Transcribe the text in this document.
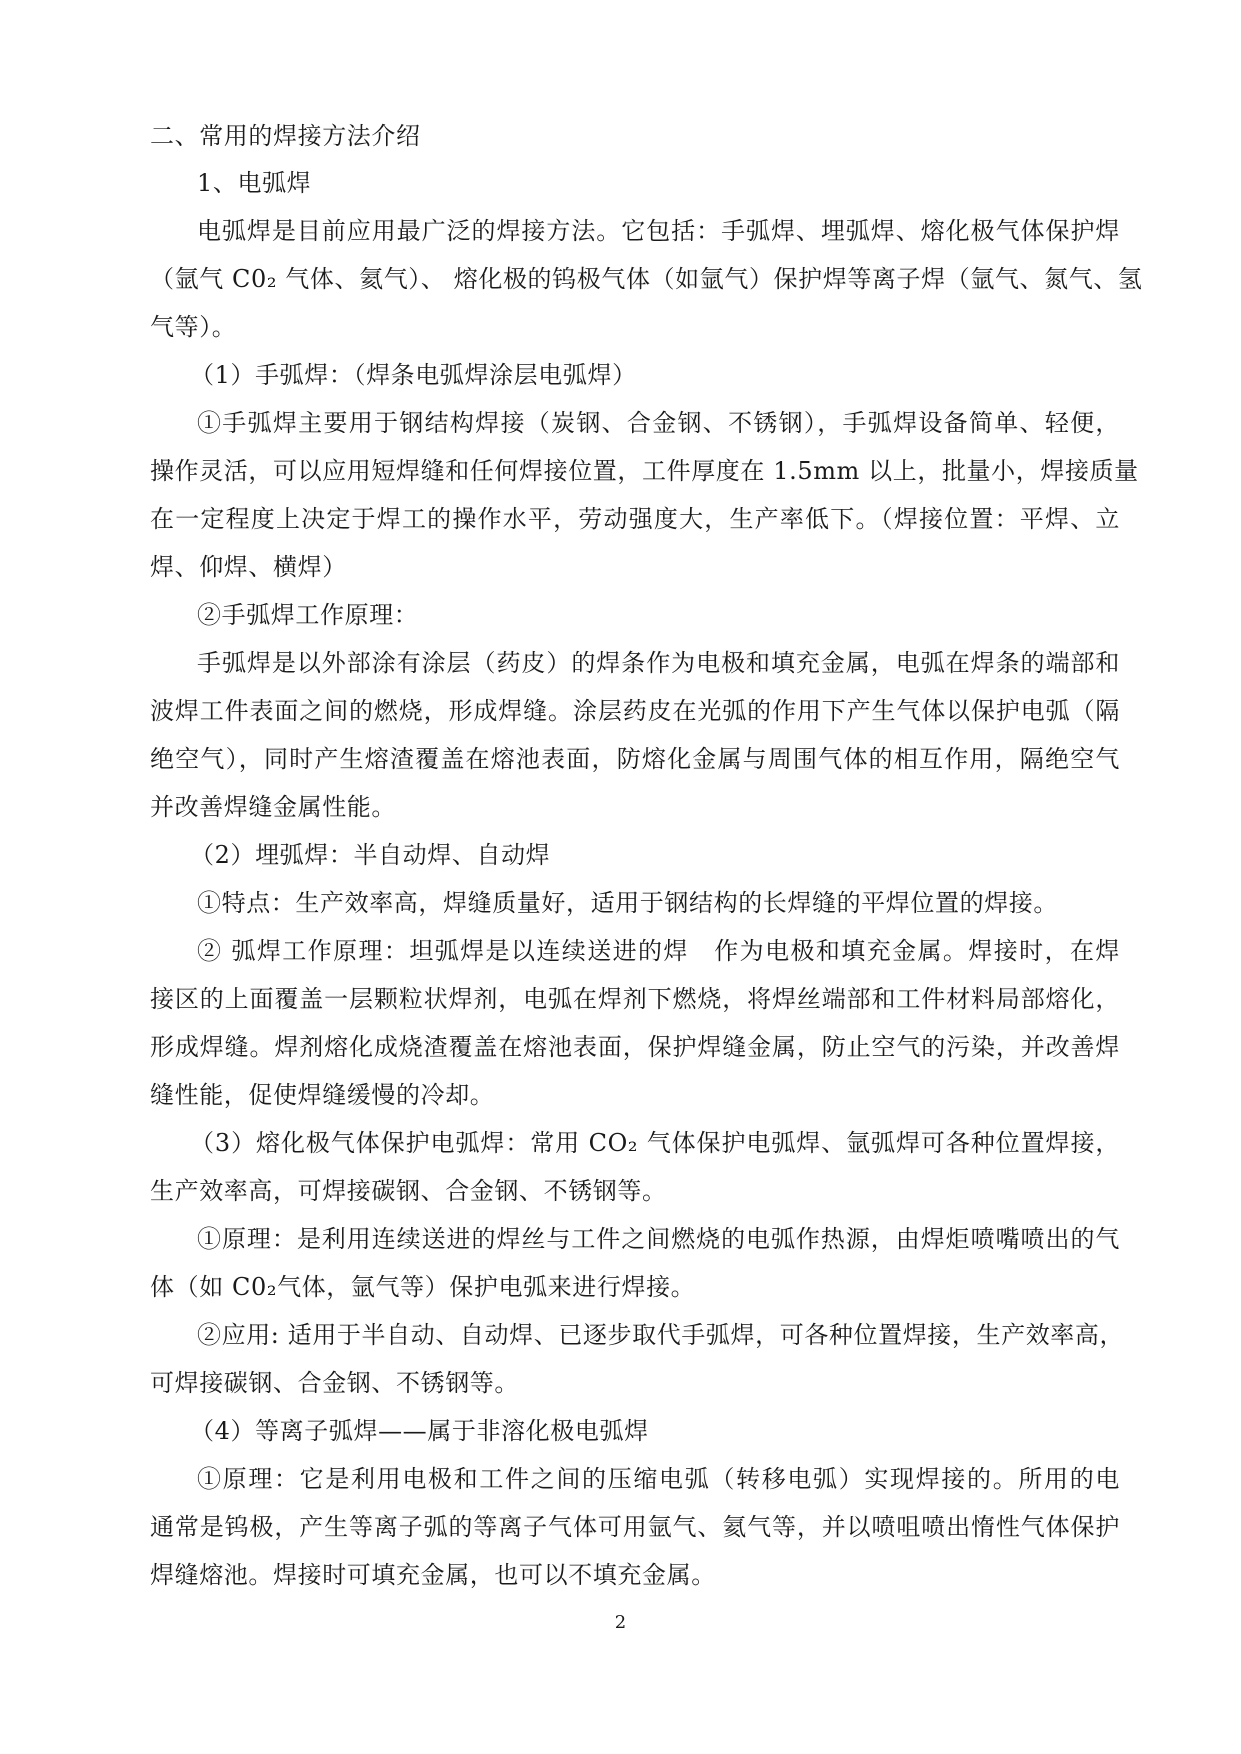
二、常用的焊接方法介绍
1、电弧焊
电弧焊是目前应用最广泛的焊接方法。它包括：手弧焊、埋弧焊、熔化极气体保护焊
（氩气 C0₂ 气体、氦气）、 熔化极的钨极气体（如氩气）保护焊等离子焊（氩气、氮气、氢
气等）。
（1）手弧焊：（焊条电弧焊涂层电弧焊）
①手弧焊主要用于钢结构焊接（炭钢、合金钢、不锈钢），手弧焊设备简单、轻便，
操作灵活，可以应用短焊缝和任何焊接位置，工件厚度在 1.5mm 以上，批量小，焊接质量
在一定程度上决定于焊工的操作水平，劳动强度大，生产率低下。（焊接位置：平焊、立
焊、仰焊、横焊）
②手弧焊工作原理：
手弧焊是以外部涂有涂层（药皮）的焊条作为电极和填充金属，电弧在焊条的端部和
波焊工件表面之间的燃烧，形成焊缝。涂层药皮在光弧的作用下产生气体以保护电弧（隔
绝空气），同时产生熔渣覆盖在熔池表面，防熔化金属与周围气体的相互作用，隔绝空气
并改善焊缝金属性能。
（2）埋弧焊：半自动焊、自动焊
①特点：生产效率高，焊缝质量好，适用于钢结构的长焊缝的平焊位置的焊接。
② 弧焊工作原理：坦弧焊是以连续送进的焊　作为电极和填充金属。焊接时，在焊
接区的上面覆盖一层颗粒状焊剂，电弧在焊剂下燃烧，将焊丝端部和工件材料局部熔化，
形成焊缝。焊剂熔化成烧渣覆盖在熔池表面，保护焊缝金属，防止空气的污染，并改善焊
缝性能，促使焊缝缓慢的冷却。
（3）熔化极气体保护电弧焊：常用 CO₂ 气体保护电弧焊、氩弧焊可各种位置焊接，
生产效率高，可焊接碳钢、合金钢、不锈钢等。
①原理：是利用连续送进的焊丝与工件之间燃烧的电弧作热源，由焊炬喷嘴喷出的气
体（如 C0₂气体，氩气等）保护电弧来进行焊接。
②应用: 适用于半自动、自动焊、已逐步取代手弧焊，可各种位置焊接，生产效率高，
可焊接碳钢、合金钢、不锈钢等。
（4）等离子弧焊——属于非溶化极电弧焊
①原理：它是利用电极和工件之间的压缩电弧（转移电弧）实现焊接的。所用的电
通常是钨极，产生等离子弧的等离子气体可用氩气、氦气等，并以喷咀喷出惰性气体保护
焊缝熔池。焊接时可填充金属，也可以不填充金属。
2
